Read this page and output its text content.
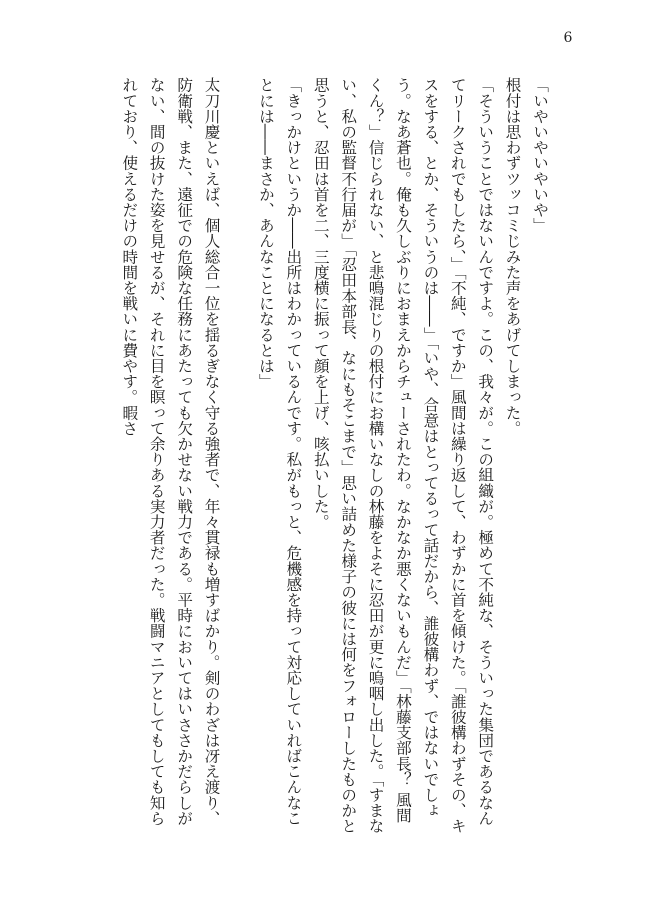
6

「いやいやいやいや」

根付は思わずツッコミじみた声をあげてしまった。

「そういうことではないんですよ。この、我々が。この組織が。極めて不純な、そういった集団であるなんてリークされでもしたら、」「不純、ですか」風間は繰り返して、わずかに首を傾けた。「誰彼構わずその、キスをする、とか、そういうのは――」「いや、合意はとってるって話だから、誰彼構わず、ではないでしょう。なあ蒼也。俺も久しぶりにおまえからチューされたわ。なかなか悪くないもんだ」「林藤支部長？ 風間くん？」信じられない、と悲鳴混じりの根付にお構いなしの林藤をよそに忍田が更に嗚咽し出した。「すまない、私の監督不行届が」「忍田本部長、なにもそこまで」思い詰めた様子の彼には何をフォローしたものかと思うと、忍田は首を二、三度横に振って顔を上げ、咳払いした。

「きっかけというか――出所はわかっているんです。私がもっと、危機感を持って対応していればこんなことには――まさか、あんなことになるとは」

太刀川慶といえば、個人総合一位を揺るぎなく守る強者で、年々貫禄も増すばかり。剣のわざは冴え渡り、防衛戦、また、遠征での危険な任務にあたっても欠かせない戦力である。平時においてはいささかだらしがない、間の抜けた姿を見せるが、それに目を瞑って余りある実力者だった。戦闘マニアとしてもしても知られており、使えるだけの時間を戦いに費やす。暇さ
